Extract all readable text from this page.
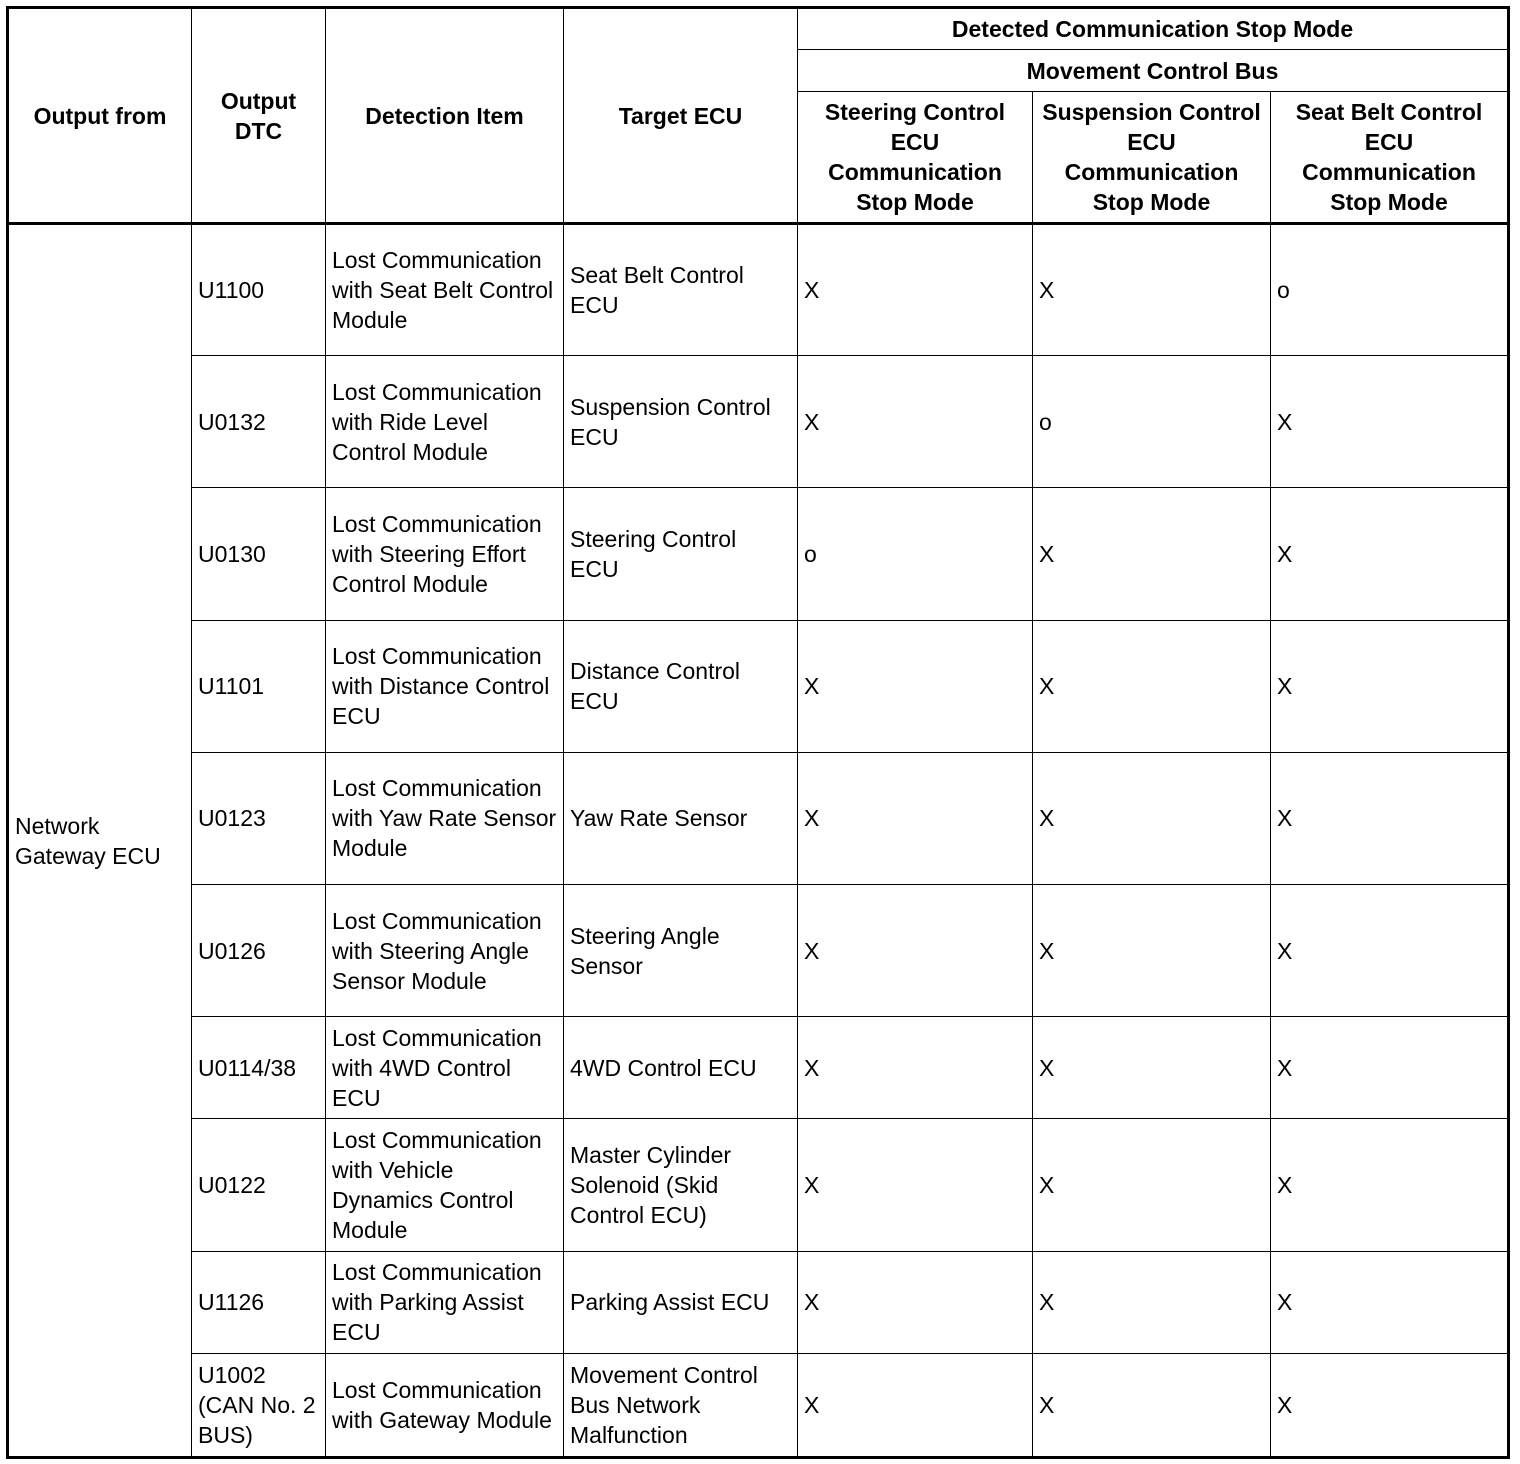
Output from	Output DTC	Detection Item	Target ECU	Detected Communication Stop Mode		
				Movement Control Bus		
				Steering Control ECU Communication Stop Mode	Suspension Control ECU Communication Stop Mode	Seat Belt Control ECU Communication Stop Mode
Network Gateway ECU	U1100	Lost Communication with Seat Belt Control Module	Seat Belt Control ECU	X	X	o
	U0132	Lost Communication with Ride Level Control Module	Suspension Control ECU	X	o	X
	U0130	Lost Communication with Steering Effort Control Module	Steering Control ECU	o	X	X
	U1101	Lost Communication with Distance Control ECU	Distance Control ECU	X	X	X
	U0123	Lost Communication with Yaw Rate Sensor Module	Yaw Rate Sensor	X	X	X
	U0126	Lost Communication with Steering Angle Sensor Module	Steering Angle Sensor	X	X	X
	U0114/38	Lost Communication with 4WD Control ECU	4WD Control ECU	X	X	X
	U0122	Lost Communication with Vehicle Dynamics Control Module	Master Cylinder Solenoid (Skid Control ECU)	X	X	X
	U1126	Lost Communication with Parking Assist ECU	Parking Assist ECU	X	X	X
	U1002 (CAN No. 2 BUS)	Lost Communication with Gateway Module	Movement Control Bus Network Malfunction	X	X	X
